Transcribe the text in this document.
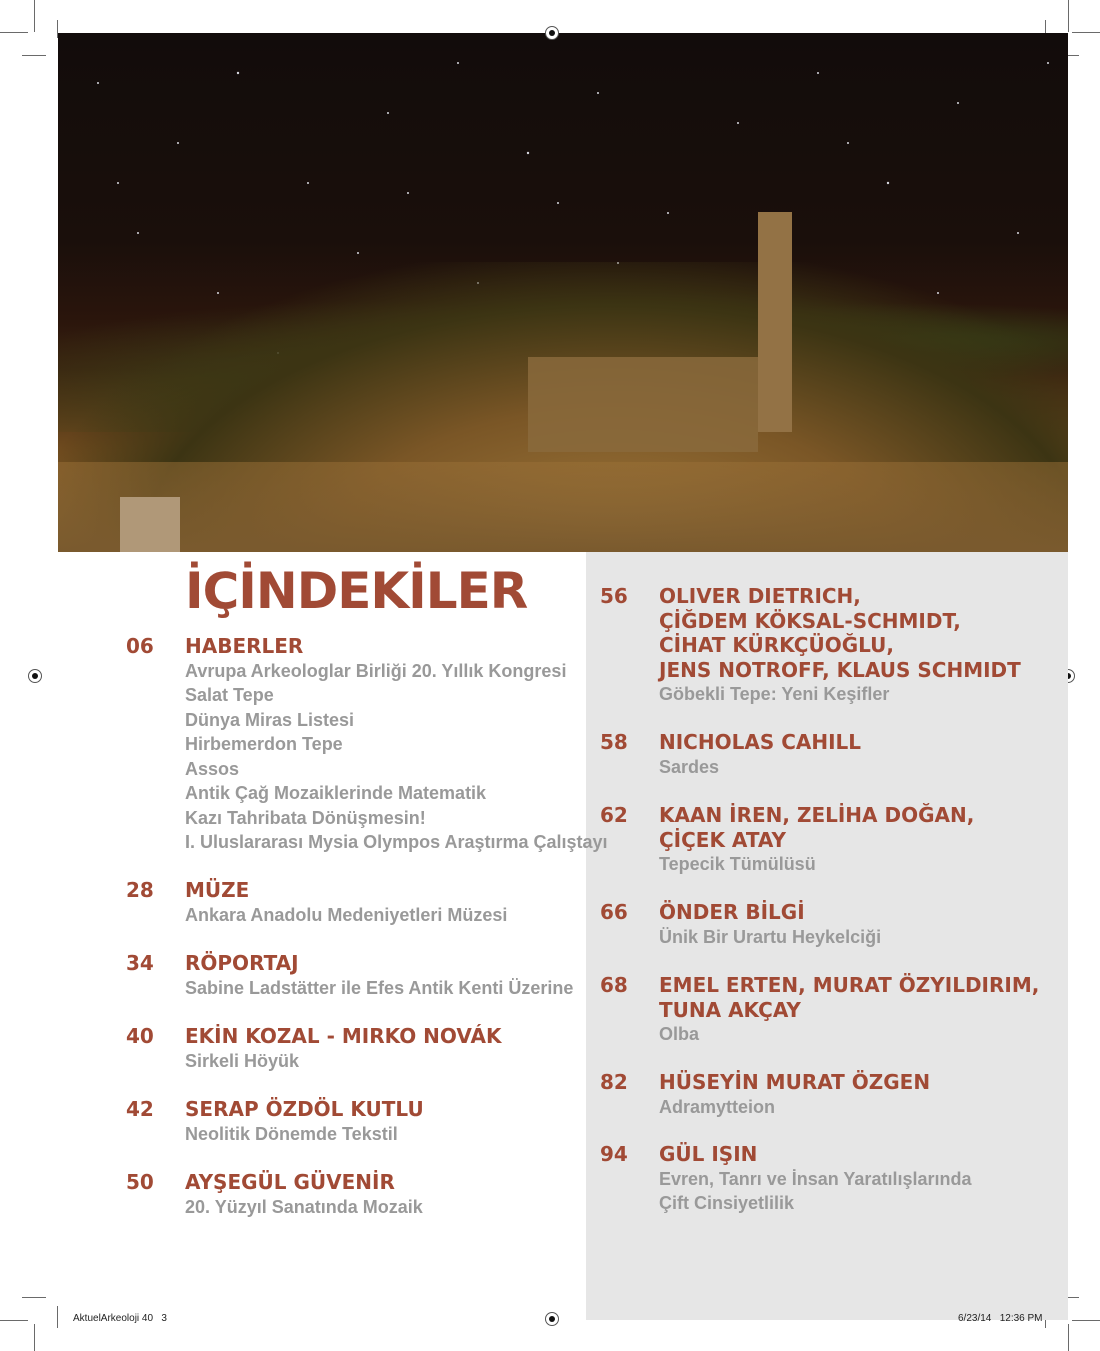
İÇİNDEKİLER
06 HABERLER
Avrupa Arkeologlar Birliği 20. Yıllık Kongresi
Salat Tepe
Dünya Miras Listesi
Hirbemerdon Tepe
Assos
Antik Çağ Mozaiklerinde Matematik
Kazı Tahribata Dönüşmesin!
I. Uluslararası Mysia Olympos Araştırma Çalıştayı
28 MÜZE
Ankara Anadolu Medeniyetleri Müzesi
34 RÖPORTAJ
Sabine Ladstätter ile Efes Antik Kenti Üzerine
40 EKİN KOZAL - MIRKO NOVÁK
Sirkeli Höyük
42 SERAP ÖZDÖL KUTLU
Neolitik Dönemde Tekstil
50 AYŞEGÜL GÜVENİR
20. Yüzyıl Sanatında Mozaik
56 OLIVER DIETRICH,
ÇİĞDEM KÖKSAL-SCHMIDT,
CİHAT KÜRKÇÜOĞLU,
JENS NOTROFF, KLAUS SCHMIDT
Göbekli Tepe: Yeni Keşifler
58 NICHOLAS CAHILL
Sardes
62 KAAN İREN, ZELİHA DOĞAN,
ÇİÇEK ATAY
Tepecik Tümülüsü
66 ÖNDER BİLGİ
Ünik Bir Urartu Heykelciği
68 EMEL ERTEN, MURAT ÖZYILDIRIM,
TUNA AKÇAY
Olba
82 HÜSEYİN MURAT ÖZGEN
Adramytteion
94 GÜL IŞIN
Evren, Tanrı ve İnsan Yaratılışlarında
Çift Cinsiyetlilik
AktuelArkeoloji 40   3	6/23/14   12:36 PM
